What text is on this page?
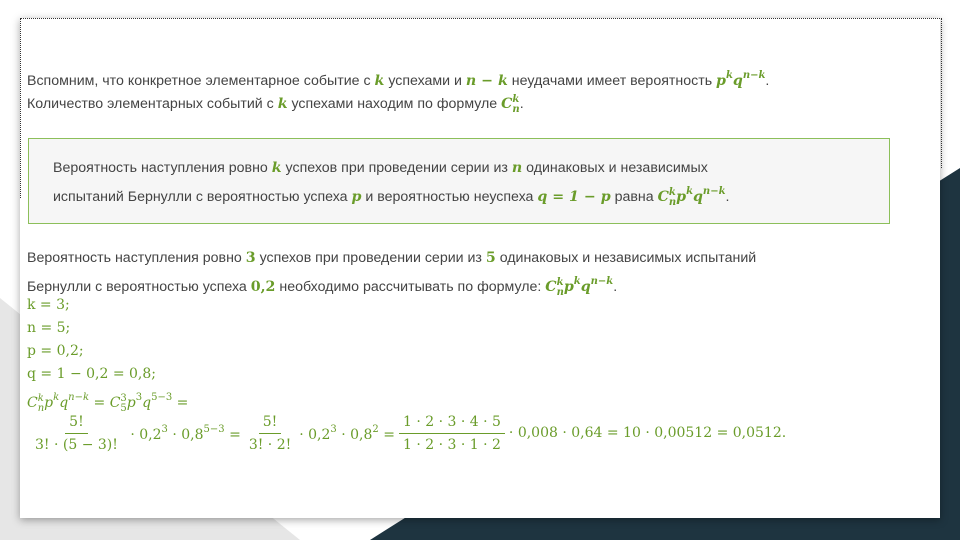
Вспомним, что конкретное элементарное событие с k успехами и n − k неудачами имеет вероятность $p^kq^{n-k}$.
Количество элементарных событий с k успехами находим по формуле C k
n .
Вероятность наступления ровно k успехов при проведении серии из n одинаковых и независимых
испытаний Бернулли с вероятностью успеха p и вероятностью неуспеха q = 1 − p равна C k
n $p^kq^{n-k}$.
Вероятность наступления ровно 3 успехов при проведении серии из 5 одинаковых и независимых испытаний
Бернулли с вероятностью успеха 0,2 необходимо рассчитывать по формуле: C k
n $p^kq^{n-k}$.
k = 3;
n = 5;
p = 0,2;
q = 1 − 0,2 = 0,8;
C k
n $p^kq^{n-k} = C$ 3
5 $p^3q^{5-3}$ =
$\frac{5!}{3! \cdot (5 - 3)!} \cdot 0,2^3 \cdot 0,8^{5-3} = \frac{5!}{3! \cdot 2!} \cdot 0,2^3 \cdot 0,8^2 = \frac{1 \cdot 2 \cdot 3 \cdot 4 \cdot 5}{1 \cdot 2 \cdot 3 \cdot 1 \cdot 2} \cdot 0,008 \cdot 0,64 = 10 \cdot 0,00512 = 0,0512$.
